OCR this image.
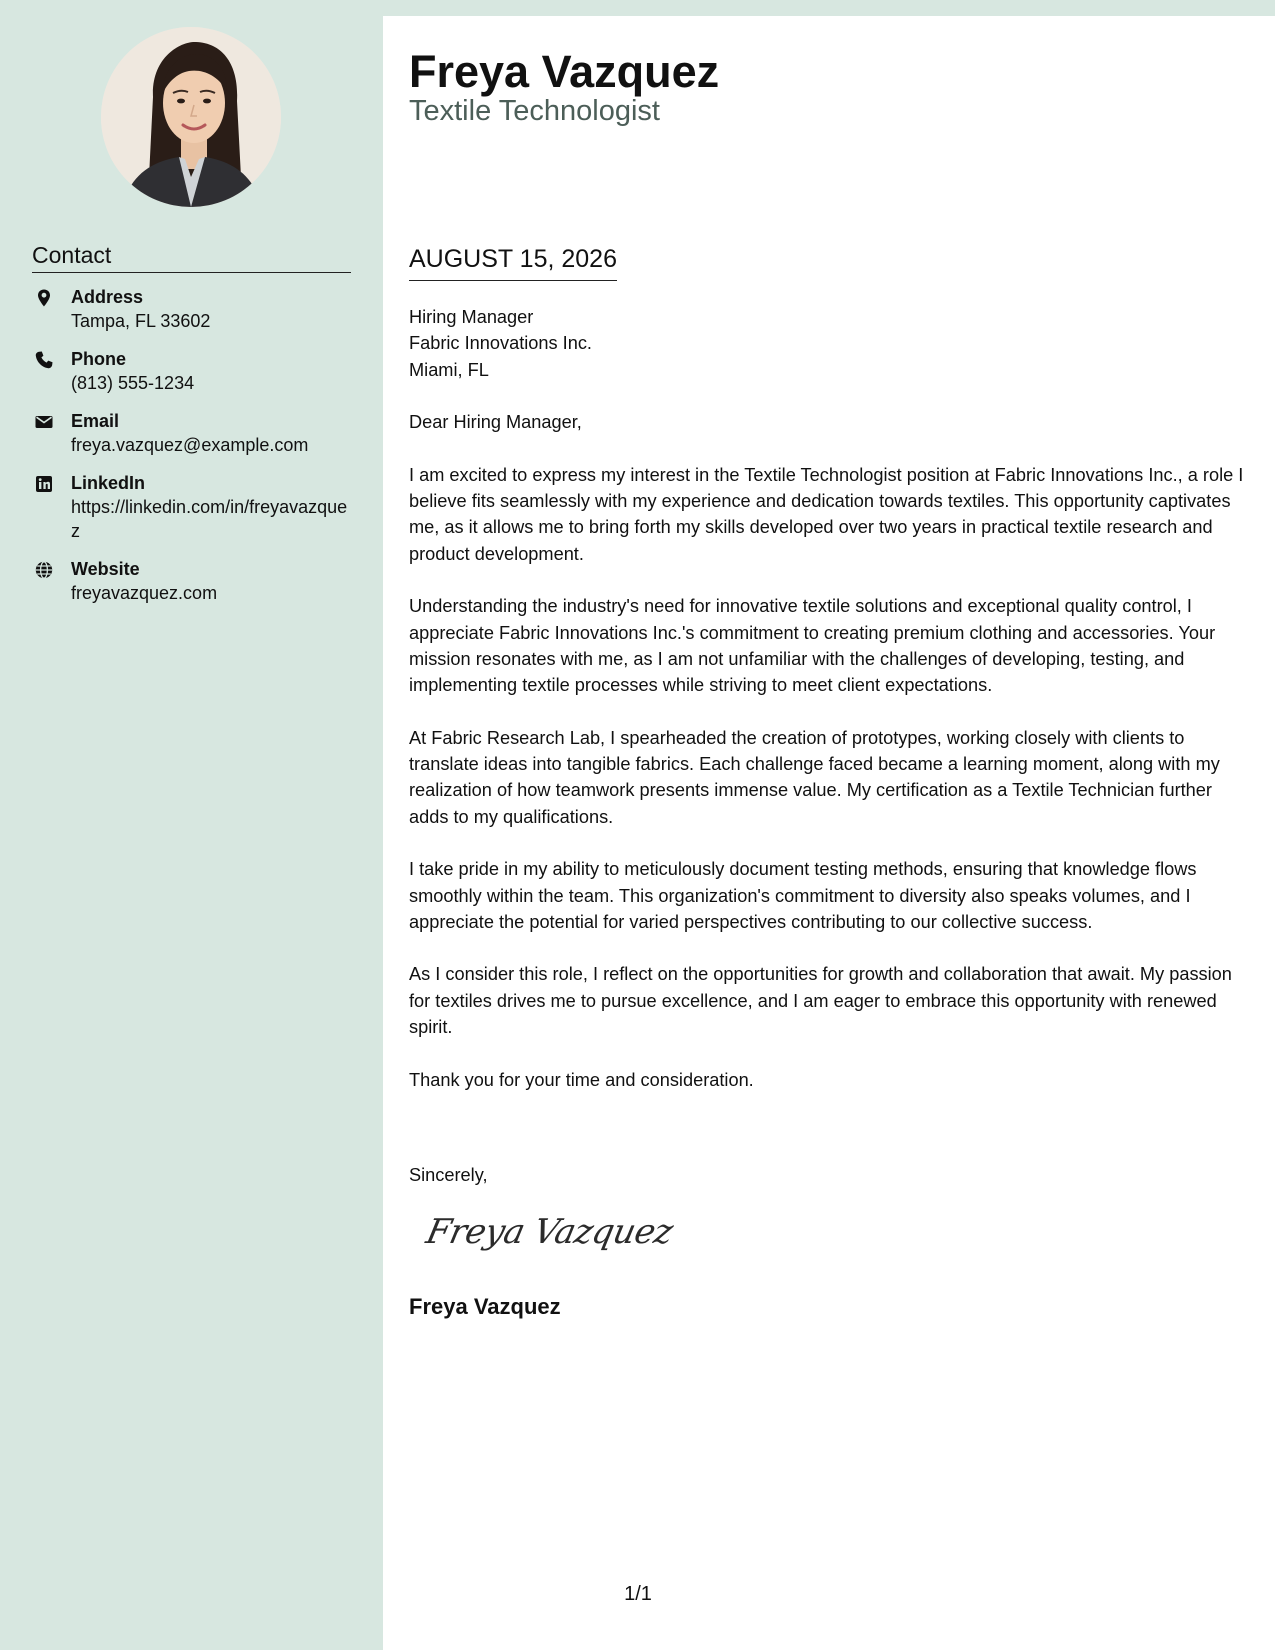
Contact
Address
Tampa, FL 33602
Phone
(813) 555-1234
Email
freya.vazquez@example.com
LinkedIn
https://linkedin.com/in/freyavazquez
Website
freyavazquez.com
Freya Vazquez
Textile Technologist
AUGUST 15, 2026

Hiring Manager
Fabric Innovations Inc.
Miami, FL

Dear Hiring Manager,

I am excited to express my interest in the Textile Technologist position at Fabric Innovations Inc., a role I believe fits seamlessly with my experience and dedication towards textiles. This opportunity captivates me, as it allows me to bring forth my skills developed over two years in practical textile research and product development.

Understanding the industry's need for innovative textile solutions and exceptional quality control, I appreciate Fabric Innovations Inc.'s commitment to creating premium clothing and accessories. Your mission resonates with me, as I am not unfamiliar with the challenges of developing, testing, and implementing textile processes while striving to meet client expectations.

At Fabric Research Lab, I spearheaded the creation of prototypes, working closely with clients to translate ideas into tangible fabrics. Each challenge faced became a learning moment, along with my realization of how teamwork presents immense value. My certification as a Textile Technician further adds to my qualifications.

I take pride in my ability to meticulously document testing methods, ensuring that knowledge flows smoothly within the team. This organization's commitment to diversity also speaks volumes, and I appreciate the potential for varied perspectives contributing to our collective success.

As I consider this role, I reflect on the opportunities for growth and collaboration that await. My passion for textiles drives me to pursue excellence, and I am eager to embrace this opportunity with renewed spirit.

Thank you for your time and consideration.

Sincerely,
Freya Vazquez
Freya Vazquez
1/1
